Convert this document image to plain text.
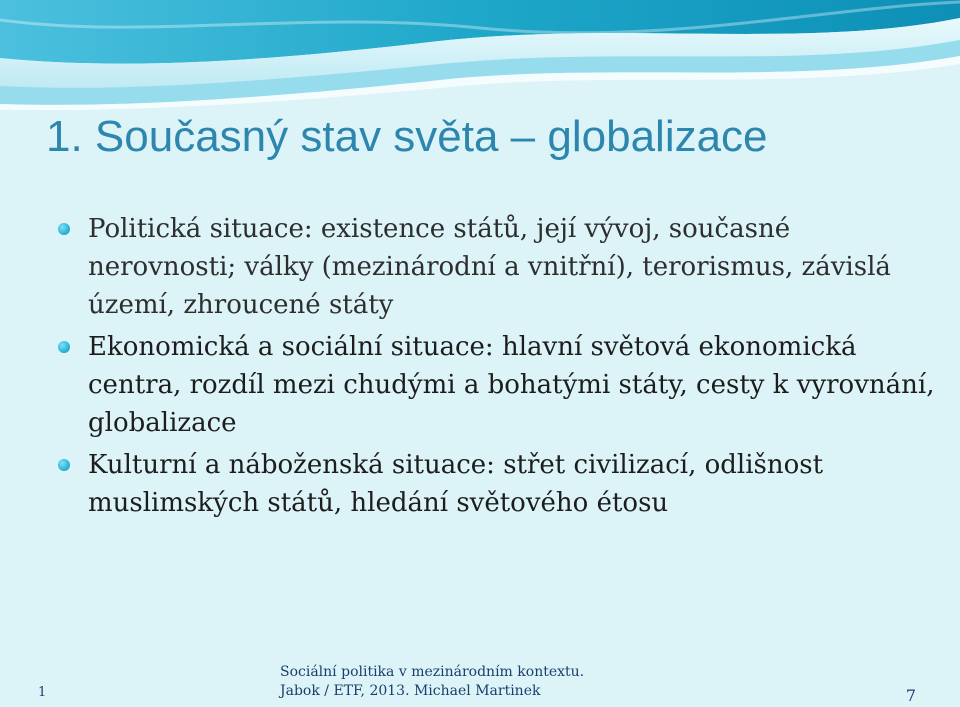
1. Současný stav světa – globalizace
Politická situace: existence států, její vývoj, současné nerovnosti; války (mezinárodní a vnitřní), terorismus, závislá území, zhroucené státy
Ekonomická a sociální situace: hlavní světová ekonomická centra, rozdíl mezi chudými a bohatými státy, cesty k vyrovnání, globalizace
Kulturní a náboženská situace: střet civilizací, odlišnost muslimských států, hledání světového étosu
1
Sociální politika v mezinárodním kontextu.
Jabok / ETF, 2013. Michael Martinek	7
